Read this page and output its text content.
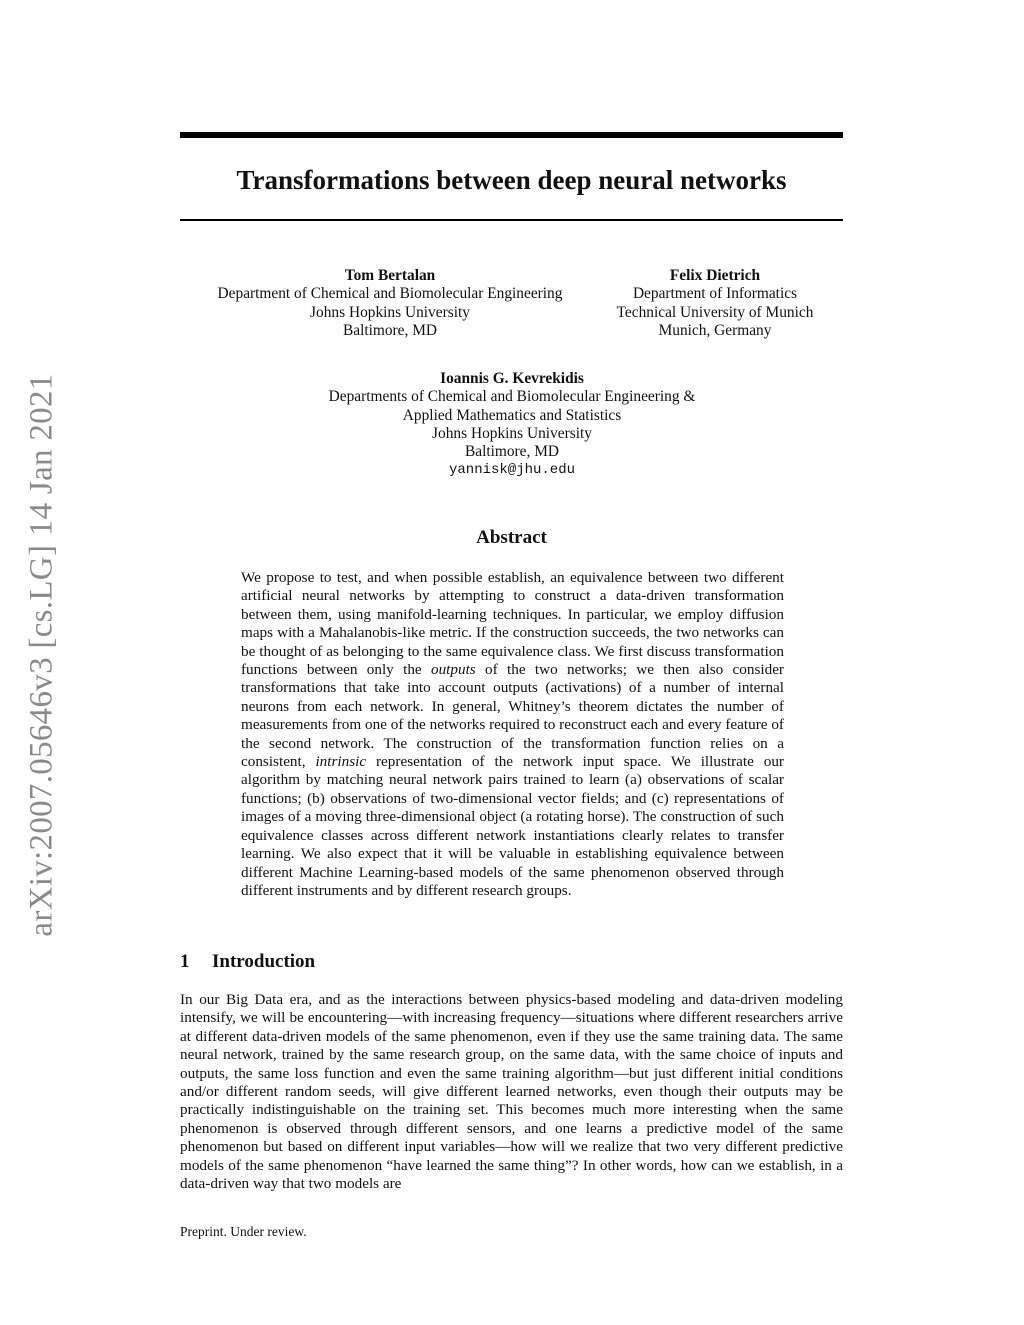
arXiv:2007.05646v3 [cs.LG] 14 Jan 2021
Transformations between deep neural networks
Tom Bertalan
Department of Chemical and Biomolecular Engineering
Johns Hopkins University
Baltimore, MD
Felix Dietrich
Department of Informatics
Technical University of Munich
Munich, Germany
Ioannis G. Kevrekidis
Departments of Chemical and Biomolecular Engineering &
Applied Mathematics and Statistics
Johns Hopkins University
Baltimore, MD
yannisk@jhu.edu
Abstract

We propose to test, and when possible establish, an equivalence between two different artificial neural networks by attempting to construct a data-driven transformation between them, using manifold-learning techniques. In particular, we employ diffusion maps with a Mahalanobis-like metric. If the construction succeeds, the two networks can be thought of as belonging to the same equivalence class. We first discuss transformation functions between only the outputs of the two networks; we then also consider transformations that take into account outputs (activations) of a number of internal neurons from each network. In general, Whitney’s theorem dictates the number of measurements from one of the networks required to reconstruct each and every feature of the second network. The construction of the transformation function relies on a consistent, intrinsic representation of the network input space. We illustrate our algorithm by matching neural network pairs trained to learn (a) observations of scalar functions; (b) observations of two-dimensional vector fields; and (c) representations of images of a moving three-dimensional object (a rotating horse). The construction of such equivalence classes across different network instantiations clearly relates to transfer learning. We also expect that it will be valuable in establishing equivalence between different Machine Learning-based models of the same phenomenon observed through different instruments and by different research groups.

1 Introduction

In our Big Data era, and as the interactions between physics-based modeling and data-driven modeling intensify, we will be encountering—with increasing frequency—situations where different researchers arrive at different data-driven models of the same phenomenon, even if they use the same training data. The same neural network, trained by the same research group, on the same data, with the same choice of inputs and outputs, the same loss function and even the same training algorithm—but just different initial conditions and/or different random seeds, will give different learned networks, even though their outputs may be practically indistinguishable on the training set. This becomes much more interesting when the same phenomenon is observed through different sensors, and one learns a predictive model of the same phenomenon but based on different input variables—how will we realize that two very different predictive models of the same phenomenon “have learned the same thing”? In other words, how can we establish, in a data-driven way that two models are

Preprint. Under review.
